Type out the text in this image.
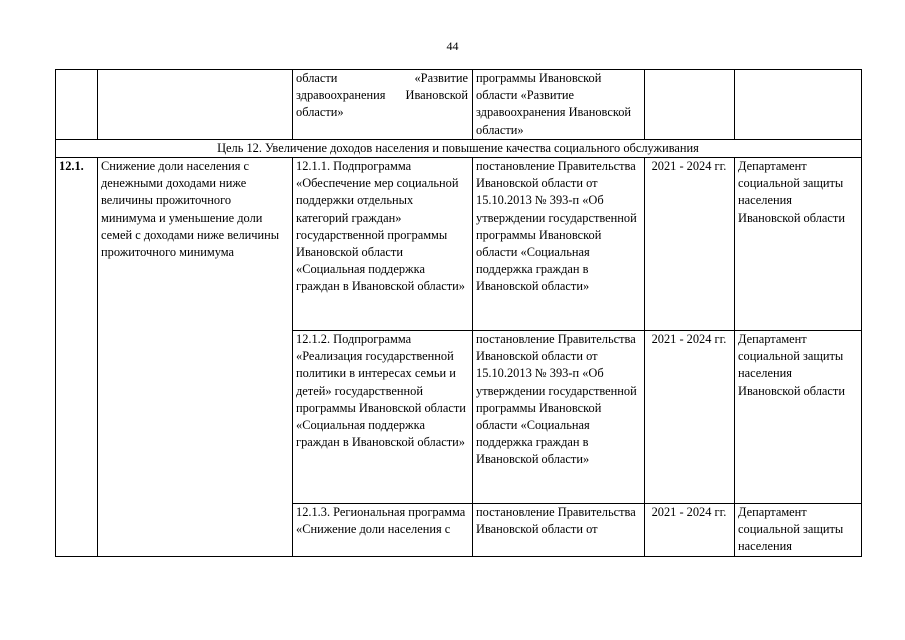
44
		области «Развитие здравоохранения Ивановской области»	программы Ивановской области «Развитие здравоохранения Ивановской области»		
Цель 12. Увеличение доходов населения и повышение качества социального обслуживания					
12.1.	Снижение доли населения с денежными доходами ниже величины прожиточного минимума и уменьшение доли семей с доходами ниже величины прожиточного минимума	12.1.1. Подпрограмма «Обеспечение мер социальной поддержки отдельных категорий граждан» государственной программы Ивановской области «Социальная поддержка граждан в Ивановской области»	постановление Правительства Ивановской области от 15.10.2013 № 393-п «Об утверждении государственной программы Ивановской области «Социальная поддержка граждан в Ивановской области»	2021 - 2024 гг.	Департамент социальной защиты населения Ивановской области
		12.1.2. Подпрограмма «Реализация государственной политики в интересах семьи и детей» государственной программы Ивановской области «Социальная поддержка граждан в Ивановской области»	постановление Правительства Ивановской области от 15.10.2013 № 393-п «Об утверждении государственной программы Ивановской области «Социальная поддержка граждан в Ивановской области»	2021 - 2024 гг.	Департамент социальной защиты населения Ивановской области
		12.1.3. Региональная программа «Снижение доли населения с	постановление Правительства Ивановской области от	2021 - 2024 гг.	Департамент социальной защиты населения
